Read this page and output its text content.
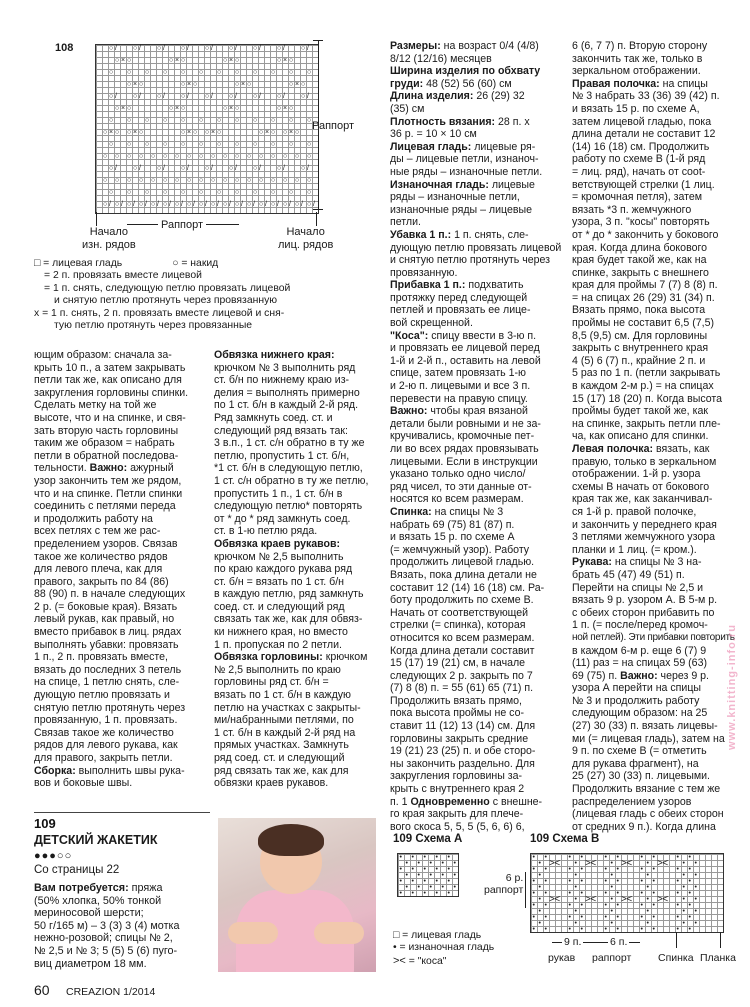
108	○ / ○ / ○ / ○ / ○ / ○ / ○ / ○ / ○ /
○ × ○	○ × ○	○ × ○	○ × ○
○ ○ ○ ○ ○ ○ ○ ○ ○ ○ ○ ○
○ × ○	○ × ○	○ × ○	○ × ○
○ / ○ / ○ / ○ / ○ / ○ / ○ / ○ / ○ /
○ × ○	○ × ○	○ × ○	○ × ○
○ ○ ○ ○ ○ ○ ○ ○ ○ ○ ○ ○
○ × ○ ○ × ○	○ × ○ ○ × ○	○ × ○ ○ × ○
○ ○ ○ ○ ○ ○ ○ ○ ○ ○ ○ ○
○ ○ ○ ○ ○ ○ ○ ○ ○ ○ ○ ○ ○ ○ ○ ○ ○ ○
○ / ○ / ○ / ○ / ○ / ○ / ○ / ○ / ○ /
○ ○ ○ ○ ○ ○ ○ ○ ○ ○ ○ ○ ○ ○ ○ ○ ○ ○
○ ○ ○ ○ ○ ○ ○ ○ ○ ○ ○ ○
○ / ○ / ○ / ○ / ○ / ○ / ○ / ○ / ○ / ○ / ○ / ○ / ○ / ○ / ○ / ○ / ○ / ○ /
Раппорт
Раппорт
Начало
изн. рядов
Начало
лиц. рядов
□ = лицевая гладь	○ = накид
= 2 п. провязать вместе лицевой
= 1 п. снять, следующую петлю провязать лицевой
и снятую петлю протянуть через провязанную
x = 1 п. снять, 2 п. провязать вместе лицевой и сня-
тую петлю протянуть через провязанные

Размеры: на возраст 0/4 (4/8)

8/12 (12/16) месяцев

Ширина изделия по обхвату

груди: 48 (52) 56 (60) см

Длина изделия: 26 (29) 32

(35) см

Плотность вязания: 28 п. х

36 р. = 10 × 10 см

Лицевая гладь: лицевые ря-

ды – лицевые петли, изнаноч-

ные ряды – изнаночные петли.

Изнаночная гладь: лицевые

ряды – изнаночные петли,

изнаночные ряды – лицевые

петли.

Убавка 1 п.: 1 п. снять, сле-

дующую петлю провязать лицевой

и снятую петлю протянуть через

провязанную.

Прибавка 1 п.: подхватить

протяжку перед следующей

петлей и провязать ее лице-

вой скрещенной.

"Коса": спицу ввести в 3-ю п.

и провязать ее лицевой перед

1-й и 2-й п., оставить на левой

спице, затем провязать 1-ю

и 2-ю п. лицевыми и все 3 п.

перевести на правую спицу.

Важно: чтобы края вязаной

детали были ровными и не за-

кручивались, кромочные пет-

ли во всех рядах провязывать

лицевыми. Если в инструкции

указано только одно число/

ряд чисел, то эти данные от-

носятся ко всем размерам.

Спинка: на спицы № 3

набрать 69 (75) 81 (87) п.

и вязать 15 р. по схеме А

(= жемчужный узор). Работу

продолжить лицевой гладью.

Вязать, пока длина детали не

составит 12 (14) 16 (18) см. Ра-

боту продолжить по схеме В.

Начать от соответствующей

стрелки (= спинка), которая

относится ко всем размерам.

Когда длина детали составит

15 (17) 19 (21) см, в начале

следующих 2 р. закрыть по 7

(7) 8 (8) п. = 55 (61) 65 (71) п.

Продолжить вязать прямо,

пока высота проймы не со-

ставит 11 (12) 13 (14) см. Для

горловины закрыть средние

19 (21) 23 (25) п. и обе сторо-

ны закончить раздельно. Для

закругления горловины за-

крыть с внутреннего края 2

п. 1 Одновременно с внешне-

го края закрыть для плече-

вого скоса 5, 5, 5 (5, 6, 6) 6,

6 (6, 7 7) п. Вторую сторону

закончить так же, только в

зеркальном отображении.

Правая полочка: на спицы

№ 3 набрать 33 (36) 39 (42) п.

и вязать 15 р. по схеме А,

затем лицевой гладью, пока

длина детали не составит 12

(14) 16 (18) см. Продолжить

работу по схеме В (1-й ряд

= лиц. ряд), начать от сoot-

ветствующей стрелки (1 лиц.

= кромочная петля), затем

вязать *3 п. жемчужного

узора, 3 п. "косы" повторять

от * до * закончить у бокового

края. Когда длина бокового

края будет такой же, как на

спинке, закрыть с внешнего

края для проймы 7 (7) 8 (8) п.

= на спицах 26 (29) 31 (34) п.

Вязать прямо, пока высота

проймы не составит 6,5 (7,5)

8,5 (9,5) см. Для горловины

закрыть с внутреннего края

4 (5) 6 (7) п., крайние 2 п. и

5 раз по 1 п. (петли закрывать

в каждом 2-м р.) = на спицах

15 (17) 18 (20) п. Когда высота

проймы будет такой же, как

на спинке, закрыть петли пле-

ча, как описано для спинки.

Левая полочка: вязать, как

правую, только в зеркальном

отображении. 1-й р. узора

схемы В начать от бокового

края так же, как заканчивал-

ся 1-й р. правой полочке,

и закончить у переднего края

3 петлями жемчужного узора

планки и 1 лиц. (= кром.).

Рукава: на спицы № 3 на-

брать 45 (47) 49 (51) п.

Перейти на спицы № 2,5 и

вязать 9 р. узором А. В 5-м р.

с обеих сторон прибавить по

1 п. (= после/перед кромоч-

ной петлей). Эти прибавки повторить

в каждом 6-м р. еще 6 (7) 9

(11) раз = на спицах 59 (63)

69 (75) п. Важно: через 9 р.

узора А перейти на спицы

№ 3 и продолжить работу

следующим образом: на 25

(27) 30 (33) п. вязать лицевы-

ми (= лицевая гладь), затем на

9 п. по схеме В (= отметить

для рукава фрагмент), на

25 (27) 30 (33) п. лицевыми.

Продолжить вязание с тем же

распределением узоров

(лицевая гладь с обеих сторон

от средних 9 п.). Когда длина

ющим образом: сначала за-

крыть 10 п., а затем закрывать

петли так же, как описано для

закругления горловины спинки.

Сделать метку на той же

высоте, что и на спинке, и свя-

зать вторую часть горловины

таким же образом = набрать

петли в обратной последова-

тельности. Важно: ажурный

узор закончить тем же рядом,

что и на спинке. Петли спинки

соединить с петлями переда

и продолжить работу на

всех петлях с тем же рас-

пределением узоров. Связав

такое же количество рядов

для левого плеча, как для

правого, закрыть по 84 (86)

88 (90) п. в начале следующих

2 р. (= боковые края). Вязать

левый рукав, как правый, но

вместо прибавок в лиц. рядах

выполнять убавки: провязать

1 п., 2 п. провязать вместе,

вязать до последних 3 петель

на спице, 1 петлю снять, сле-

дующую петлю провязать и

снятую петлю протянуть через

провязанную, 1 п. провязать.

Связав такое же количество

рядов для левого рукава, как

для правого, закрыть петли.

Сборка: выполнить швы рука-

вов и боковые швы.

Обвязка нижнего края:

крючком № 3 выполнить ряд

ст. б/н по нижнему краю из-

делия = выполнять примерно

по 1 ст. б/н в каждый 2-й ряд.

Ряд замкнуть соед. ст. и

следующий ряд вязать так:

3 в.п., 1 ст. с/н обратно в ту же

петлю, пропустить 1 ст. б/н,

*1 ст. б/н в следующую петлю,

1 ст. с/н обратно в ту же петлю,

пропустить 1 п., 1 ст. б/н в

следующую петлю* повторять

от * до * ряд замкнуть соед.

ст. в 1-ю петлю ряда.

Обвязка краев рукавов:

крючком № 2,5 выполнить

по краю каждого рукава ряд

ст. б/н = вязать по 1 ст. б/н

в каждую петлю, ряд замкнуть

соед. ст. и следующий ряд

связать так же, как для обвяз-

ки нижнего края, но вместо

1 п. пропуская по 2 петли.

Обвязка горловины: крючком

№ 2,5 выполнить по краю

горловины ряд ст. б/н =

вязать по 1 ст. б/н в каждую

петлю на участках с закрыты-

ми/набранными петлями, по

1 ст. б/н в каждый 2-й ряд на

прямых участках. Замкнуть

ряд соед. ст. и следующий

ряд связать так же, как для

обвязки краев рукавов.

109
ДЕТСКИЙ ЖАКЕТИК
●●●○○
Со страницы 22

Вам потребуется: пряжа

(50% хлопка, 50% тонкой

мериносовой шерсти;

50 г/165 м) – 3 (3) 3 (4) мотка

нежно-розовой; спицы № 2,

№ 2,5 и № 3; 5 (5) 5 (6) пуго-

виц диаметром 18 мм.

109 Схема А
• • • • •
• • • • •
• • • • •
• • • • •
• • • • •
• • • • •
• • • • •
□ = лицевая гладь
• = изнаночная гладь
>< = "коса"
109 Схема В
• •	• •	• •	• •	• •
•	•	•	•	• •
• •	• •	• •	• •	• •
•	•	•	•	• •
• •	• •	• •	• •	• •
•	•	•	•	• •
• •	• •	• •	• •	• •
•	•	•	•	• •
• •	• •	• •	• •	• •
•	•	•	•	• •
• •	• •	• •	• •	• •
•	•	•	•	• •
• •	• •	• •	• •	• •
><
><
><
><
><
><
><
><
6 р.
раппорт
9 п.
рукав
6 п.
раппорт	Спинка Планка
www.knitting-info.ru
60 CREAZION 1/2014
